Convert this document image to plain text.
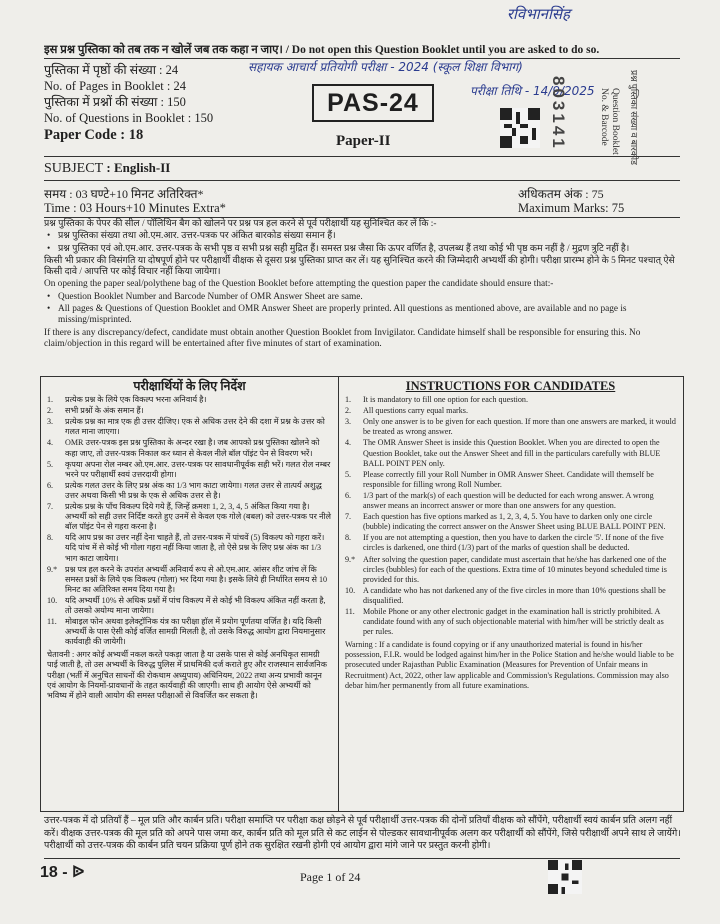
रविभानसिंह
इस प्रश्न पुस्तिका को तब तक न खोलें जब तक कहा न जाए। / Do not open this Question Booklet until you are asked to do so.
पुस्तिका में पृष्ठों की संख्या : 24
No. of Pages in Booklet : 24
पुस्तिका में प्रश्नों की संख्या : 150
No. of Questions in Booklet : 150
Paper Code : 18
सहायक आचार्य प्रतियोगी परीक्षा - 2024 (स्कूल शिक्षा विभाग)
परीक्षा तिथि - 14/9/2025
PAS-24
Paper-II	803141	Question Booklet No. & Barcode	प्रश्न पुस्तिका संख्या व बारकोड
SUBJECT : English-II
समय : 03 घण्टे+10 मिनट अतिरिक्त*
Time : 03 Hours+10 Minutes Extra*
अधिकतम अंक : 75
Maximum Marks: 75

प्रश्न पुस्तिका के पेपर की सील / पॉलिथिन बैग को खोलने पर प्रश्न पत्र हल करने से पूर्व परीक्षार्थी यह सुनिश्चित कर लें कि :-

• प्रश्न पुस्तिका संख्या तथा ओ.एम.आर. उत्तर-पत्रक पर अंकित बारकोड संख्या समान हैं।
• प्रश्न पुस्तिका एवं ओ.एम.आर. उत्तर-पत्रक के सभी पृष्ठ व सभी प्रश्न सही मुद्रित हैं। समस्त प्रश्न जैसा कि ऊपर वर्णित है, उपलब्ध हैं तथा कोई भी पृष्ठ कम नहीं है / मुद्रण त्रुटि नहीं है।

किसी भी प्रकार की विसंगति या दोषपूर्ण होने पर परीक्षार्थी वीक्षक से दूसरा प्रश्न पुस्तिका प्राप्त कर लें। यह सुनिश्चित करने की जिम्मेदारी अभ्यर्थी की होगी। परीक्षा प्रारम्भ होने के 5 मिनट पश्चात् ऐसे किसी दावे / आपत्ति पर कोई विचार नहीं किया जायेगा।

On opening the paper seal/polythene bag of the Question Booklet before attempting the question paper the candidate should ensure that:-

• Question Booklet Number and Barcode Number of OMR Answer Sheet are same.
• All pages & Questions of Question Booklet and OMR Answer Sheet are properly printed. All questions as mentioned above, are available and no page is missing/misprinted.

If there is any discrepancy/defect, candidate must obtain another Question Booklet from Invigilator. Candidate himself shall be responsible for ensuring this. No claim/objection in this regard will be entertained after five minutes of start of examination.

परीक्षार्थियों के लिए निर्देश
1.	प्रत्येक प्रश्न के लिये एक विकल्प भरना अनिवार्य है।
2.	सभी प्रश्नों के अंक समान हैं।
3.	प्रत्येक प्रश्न का मात्र एक ही उत्तर दीजिए। एक से अधिक उत्तर देने की दशा में प्रश्न के उत्तर को गलत माना जाएगा।
4.	OMR उत्तर-पत्रक इस प्रश्न पुस्तिका के अन्दर रखा है। जब आपको प्रश्न पुस्तिका खोलने को कहा जाए, तो उत्तर-पत्रक निकाल कर ध्यान से केवल नीले बॉल पॉइंट पेन से विवरण भरें।
5.	कृपया अपना रोल नम्बर ओ.एम.आर. उत्तर-पत्रक पर सावधानीपूर्वक सही भरें। गलत रोल नम्बर भरने पर परीक्षार्थी स्वयं उत्तरदायी होगा।
6.	प्रत्येक गलत उत्तर के लिए प्रश्न अंक का 1/3 भाग काटा जायेगा। गलत उत्तर से तात्पर्य अशुद्ध उत्तर अथवा किसी भी प्रश्न के एक से अधिक उत्तर से है।
7.	प्रत्येक प्रश्न के पाँच विकल्प दिये गये हैं, जिन्हें क्रमशः 1, 2, 3, 4, 5 अंकित किया गया है। अभ्यर्थी को सही उत्तर निर्दिष्ट करते हुए उनमें से केवल एक गोले (बबल) को उत्तर-पत्रक पर नीले बॉल पॉइंट पेन से गहरा करना है।
8.	यदि आप प्रश्न का उत्तर नहीं देना चाहते हैं, तो उत्तर-पत्रक में पांचवें (5) विकल्प को गहरा करें। यदि पांच में से कोई भी गोला गहरा नहीं किया जाता है, तो ऐसे प्रश्न के लिए प्रश्न अंक का 1/3 भाग काटा जायेगा।
9.* प्रश्न पत्र हल करने के उपरांत अभ्यर्थी अनिवार्य रूप से ओ.एम.आर. आंसर शीट जांच लें कि समस्त प्रश्नों के लिये एक विकल्प (गोला) भर दिया गया है। इसके लिये ही निर्धारित समय से 10 मिनट का अतिरिक्त समय दिया गया है।
10. यदि अभ्यर्थी 10% से अधिक प्रश्नों में पांच विकल्प में से कोई भी विकल्प अंकित नहीं करता है, तो उसको अयोग्य माना जायेगा।
11.	मोबाइल फोन अथवा इलेक्ट्रॉनिक यंत्र का परीक्षा हॉल में प्रयोग पूर्णतया वर्जित है। यदि किसी अभ्यर्थी के पास ऐसी कोई वर्जित सामग्री मिलती है, तो उसके विरुद्ध आयोग द्वारा नियमानुसार कार्यवाही की जायेगी।
चेतावनी : अगर कोई अभ्यर्थी नकल करते पकड़ा जाता है या उसके पास से कोई अनधिकृत सामग्री पाई जाती है, तो उस अभ्यर्थी के विरुद्ध पुलिस में प्राथमिकी दर्ज कराते हुए और राजस्थान सार्वजनिक परीक्षा (भर्ती में अनुचित साधनों की रोकथाम अध्युपाय) अधिनियम, 2022 तथा अन्य प्रभावी कानून एवं आयोग के नियमों-प्रावधानों के तहत कार्यवाही की जाएगी। साथ ही आयोग ऐसे अभ्यर्थी को भविष्य में होने वाली आयोग की समस्त परीक्षाओं से विवर्जित कर सकता है।
INSTRUCTIONS FOR CANDIDATES
1.	It is mandatory to fill one option for each question.
2.	All questions carry equal marks.
3.	Only one answer is to be given for each question. If more than one answers are marked, it would be treated as wrong answer.
4.	The OMR Answer Sheet is inside this Question Booklet. When you are directed to open the Question Booklet, take out the Answer Sheet and fill in the particulars carefully with BLUE BALL POINT PEN only.
5.	Please correctly fill your Roll Number in OMR Answer Sheet. Candidate will themself be responsible for filling wrong Roll Number.
6.	1/3 part of the mark(s) of each question will be deducted for each wrong answer. A wrong answer means an incorrect answer or more than one answers for any question.
7.	Each question has five options marked as 1, 2, 3, 4, 5. You have to darken only one circle (bubble) indicating the correct answer on the Answer Sheet using BLUE BALL POINT PEN.
8.	If you are not attempting a question, then you have to darken the circle '5'. If none of the five circles is darkened, one third (1/3) part of the marks of question shall be deducted.
9.* After solving the question paper, candidate must ascertain that he/she has darkened one of the circles (bubbles) for each of the questions. Extra time of 10 minutes beyond scheduled time is provided for this.
10. A candidate who has not darkened any of the five circles in more than 10% questions shall be disqualified.
11.	Mobile Phone or any other electronic gadget in the examination hall is strictly prohibited. A candidate found with any of such objectionable material with him/her will be strictly dealt as per rules.
Warning : If a candidate is found copying or if any unauthorized material is found in his/her possession, F.I.R. would be lodged against him/her in the Police Station and he/she would liable to be prosecuted under Rajasthan Public Examination (Measures for Prevention of Unfair means in Recruitment) Act, 2022, other law applicable and Commission's Regulations. Commission may also debar him/her permanently from all future examinations.
उत्तर-पत्रक में दो प्रतियाँ हैं – मूल प्रति और कार्बन प्रति। परीक्षा समाप्ति पर परीक्षा कक्ष छोड़ने से पूर्व परीक्षार्थी उत्तर-पत्रक की दोनों प्रतियाँ वीक्षक को सौंपेंगे, परीक्षार्थी स्वयं कार्बन प्रति अलग नहीं करें। वीक्षक उत्तर-पत्रक की मूल प्रति को अपने पास जमा कर, कार्बन प्रति को मूल प्रति से कट लाईन से पोल्डकर सावधानीपूर्वक अलग कर परीक्षार्थी को सौंपेंगे, जिसे परीक्षार्थी अपने साथ ले जायेंगे। परीक्षार्थी को उत्तर-पत्रक की कार्बन प्रति चयन प्रक्रिया पूर्ण होने तक सुरक्षित रखनी होगी एवं आयोग द्वारा मांगे जाने पर प्रस्तुत करनी होगी।
18 - ᐉ	Page 1 of 24
